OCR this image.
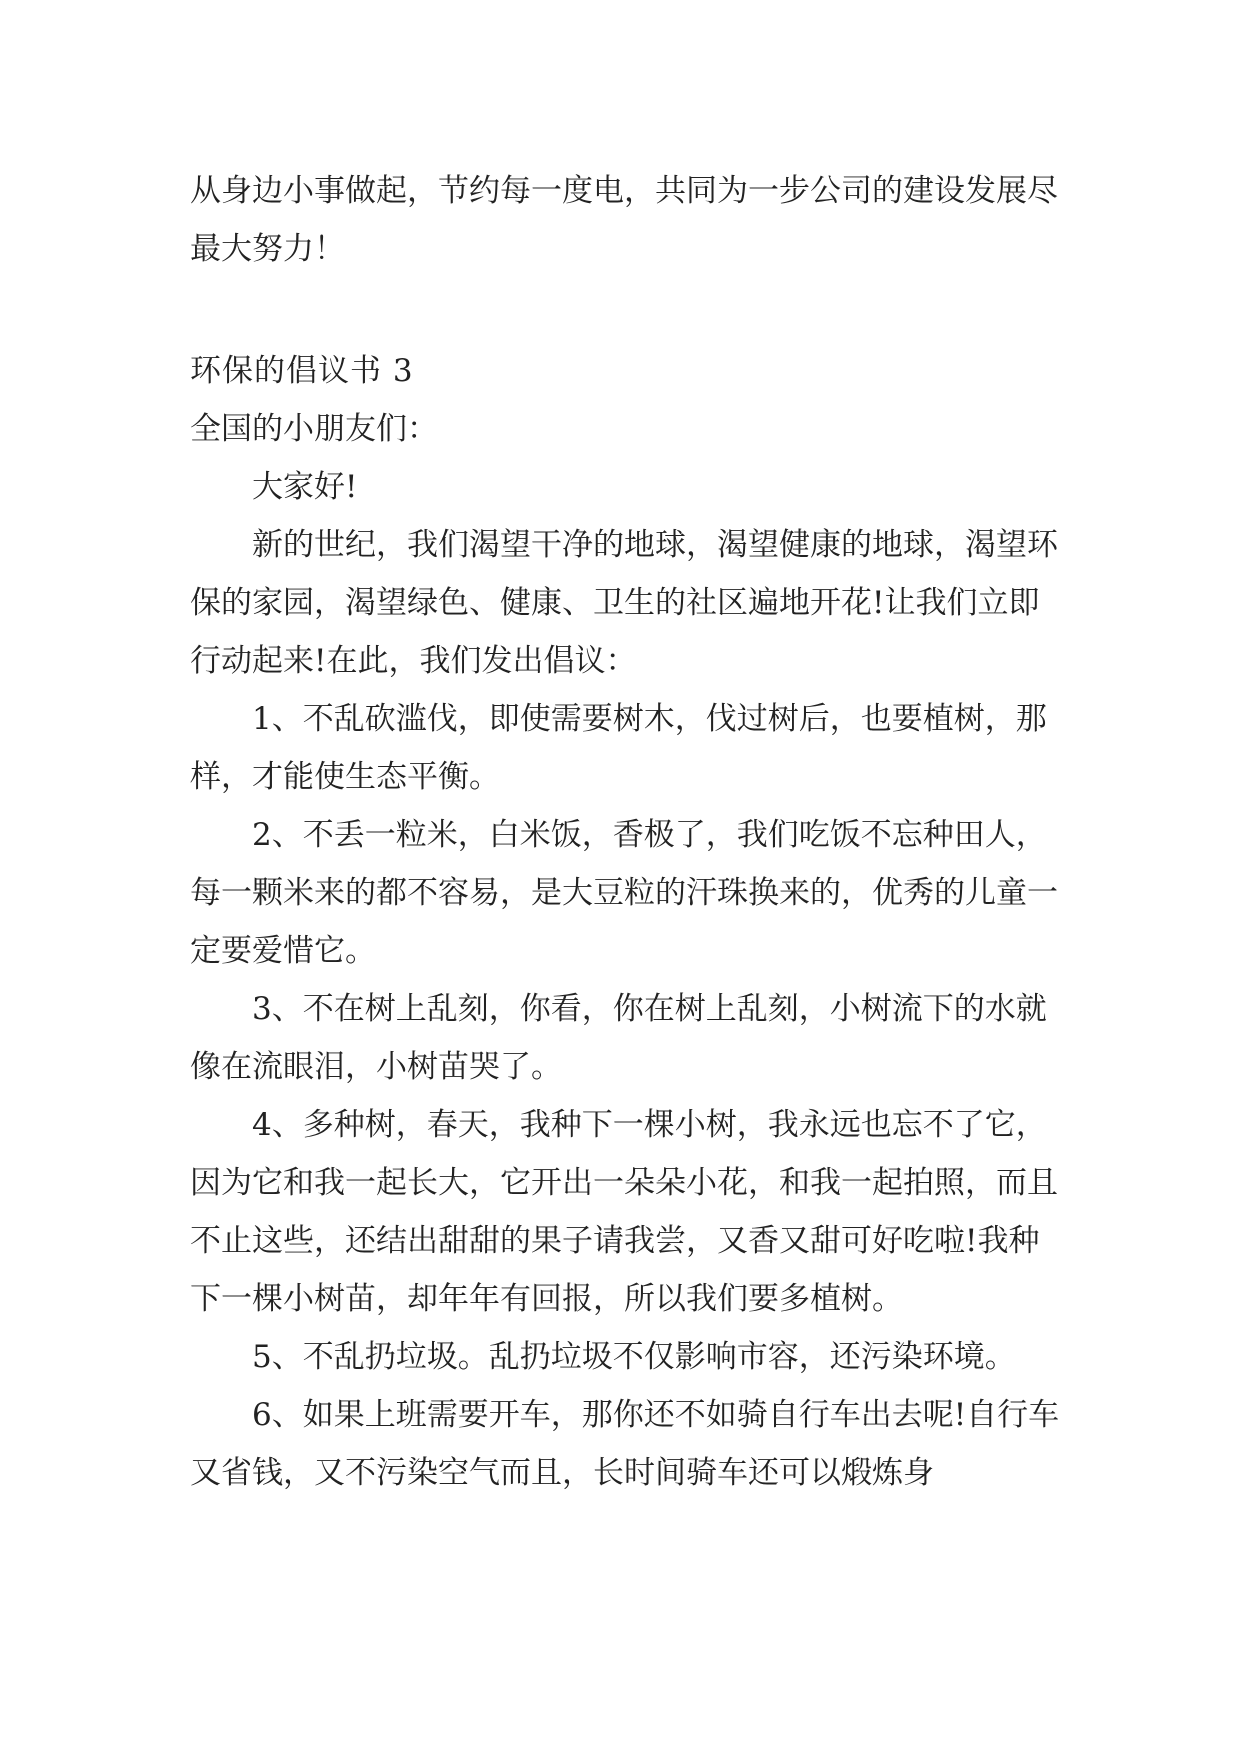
从身边小事做起，节约每一度电，共同为一步公司的建设发展尽最大努力！

环保的倡议书 3

全国的小朋友们：

大家好!

新的世纪，我们渴望干净的地球，渴望健康的地球，渴望环保的家园，渴望绿色、健康、卫生的社区遍地开花!让我们立即行动起来!在此，我们发出倡议：

1、不乱砍滥伐，即使需要树木，伐过树后，也要植树，那样，才能使生态平衡。

2、不丢一粒米，白米饭，香极了，我们吃饭不忘种田人，每一颗米来的都不容易，是大豆粒的汗珠换来的，优秀的儿童一定要爱惜它。

3、不在树上乱刻，你看，你在树上乱刻，小树流下的水就像在流眼泪，小树苗哭了。

4、多种树，春天，我种下一棵小树，我永远也忘不了它，因为它和我一起长大，它开出一朵朵小花，和我一起拍照，而且不止这些，还结出甜甜的果子请我尝，又香又甜可好吃啦!我种下一棵小树苗，却年年有回报，所以我们要多植树。

5、不乱扔垃圾。乱扔垃圾不仅影响市容，还污染环境。

6、如果上班需要开车，那你还不如骑自行车出去呢!自行车又省钱，又不污染空气而且，长时间骑车还可以煅炼身
